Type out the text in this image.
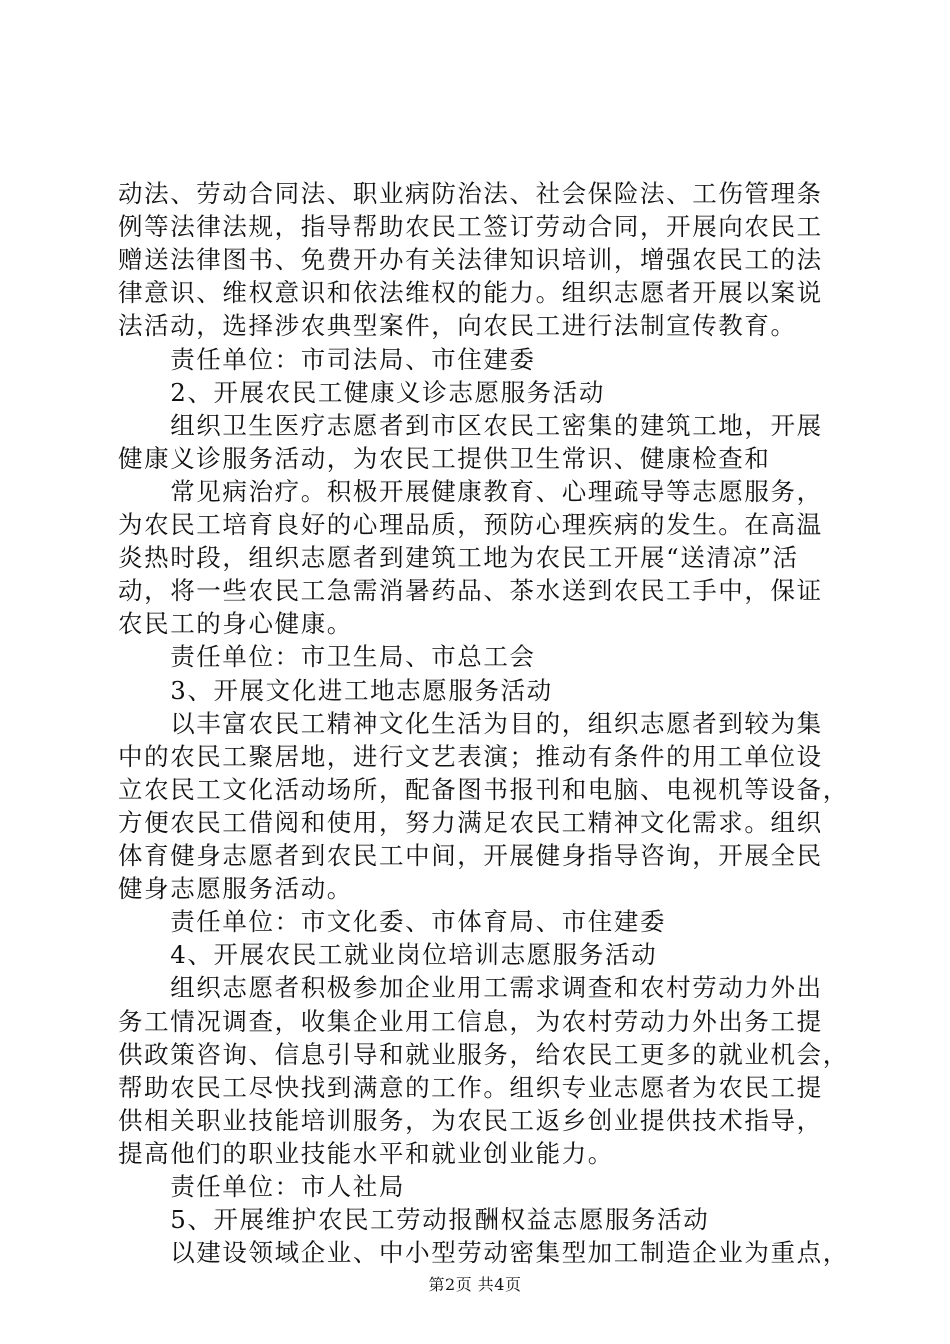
动法、劳动合同法、职业病防治法、社会保险法、工伤管理条
例等法律法规，指导帮助农民工签订劳动合同，开展向农民工
赠送法律图书、免费开办有关法律知识培训，增强农民工的法
律意识、维权意识和依法维权的能力。组织志愿者开展以案说
法活动，选择涉农典型案件，向农民工进行法制宣传教育。
　　责任单位：市司法局、市住建委
　　2、开展农民工健康义诊志愿服务活动
　　组织卫生医疗志愿者到市区农民工密集的建筑工地，开展
健康义诊服务活动，为农民工提供卫生常识、健康检查和
　　常见病治疗。积极开展健康教育、心理疏导等志愿服务，
为农民工培育良好的心理品质，预防心理疾病的发生。在高温
炎热时段，组织志愿者到建筑工地为农民工开展“送清凉”活
动，将一些农民工急需消暑药品、茶水送到农民工手中，保证
农民工的身心健康。
　　责任单位：市卫生局、市总工会
　　3、开展文化进工地志愿服务活动
　　以丰富农民工精神文化生活为目的，组织志愿者到较为集
中的农民工聚居地，进行文艺表演；推动有条件的用工单位设
立农民工文化活动场所，配备图书报刊和电脑、电视机等设备，
方便农民工借阅和使用，努力满足农民工精神文化需求。组织
体育健身志愿者到农民工中间，开展健身指导咨询，开展全民
健身志愿服务活动。
　　责任单位：市文化委、市体育局、市住建委
　　4、开展农民工就业岗位培训志愿服务活动
　　组织志愿者积极参加企业用工需求调查和农村劳动力外出
务工情况调查，收集企业用工信息，为农村劳动力外出务工提
供政策咨询、信息引导和就业服务，给农民工更多的就业机会，
帮助农民工尽快找到满意的工作。组织专业志愿者为农民工提
供相关职业技能培训服务，为农民工返乡创业提供技术指导，
提高他们的职业技能水平和就业创业能力。
　　责任单位：市人社局
　　5、开展维护农民工劳动报酬权益志愿服务活动
　　以建设领域企业、中小型劳动密集型加工制造企业为重点，
第2页 共4页
